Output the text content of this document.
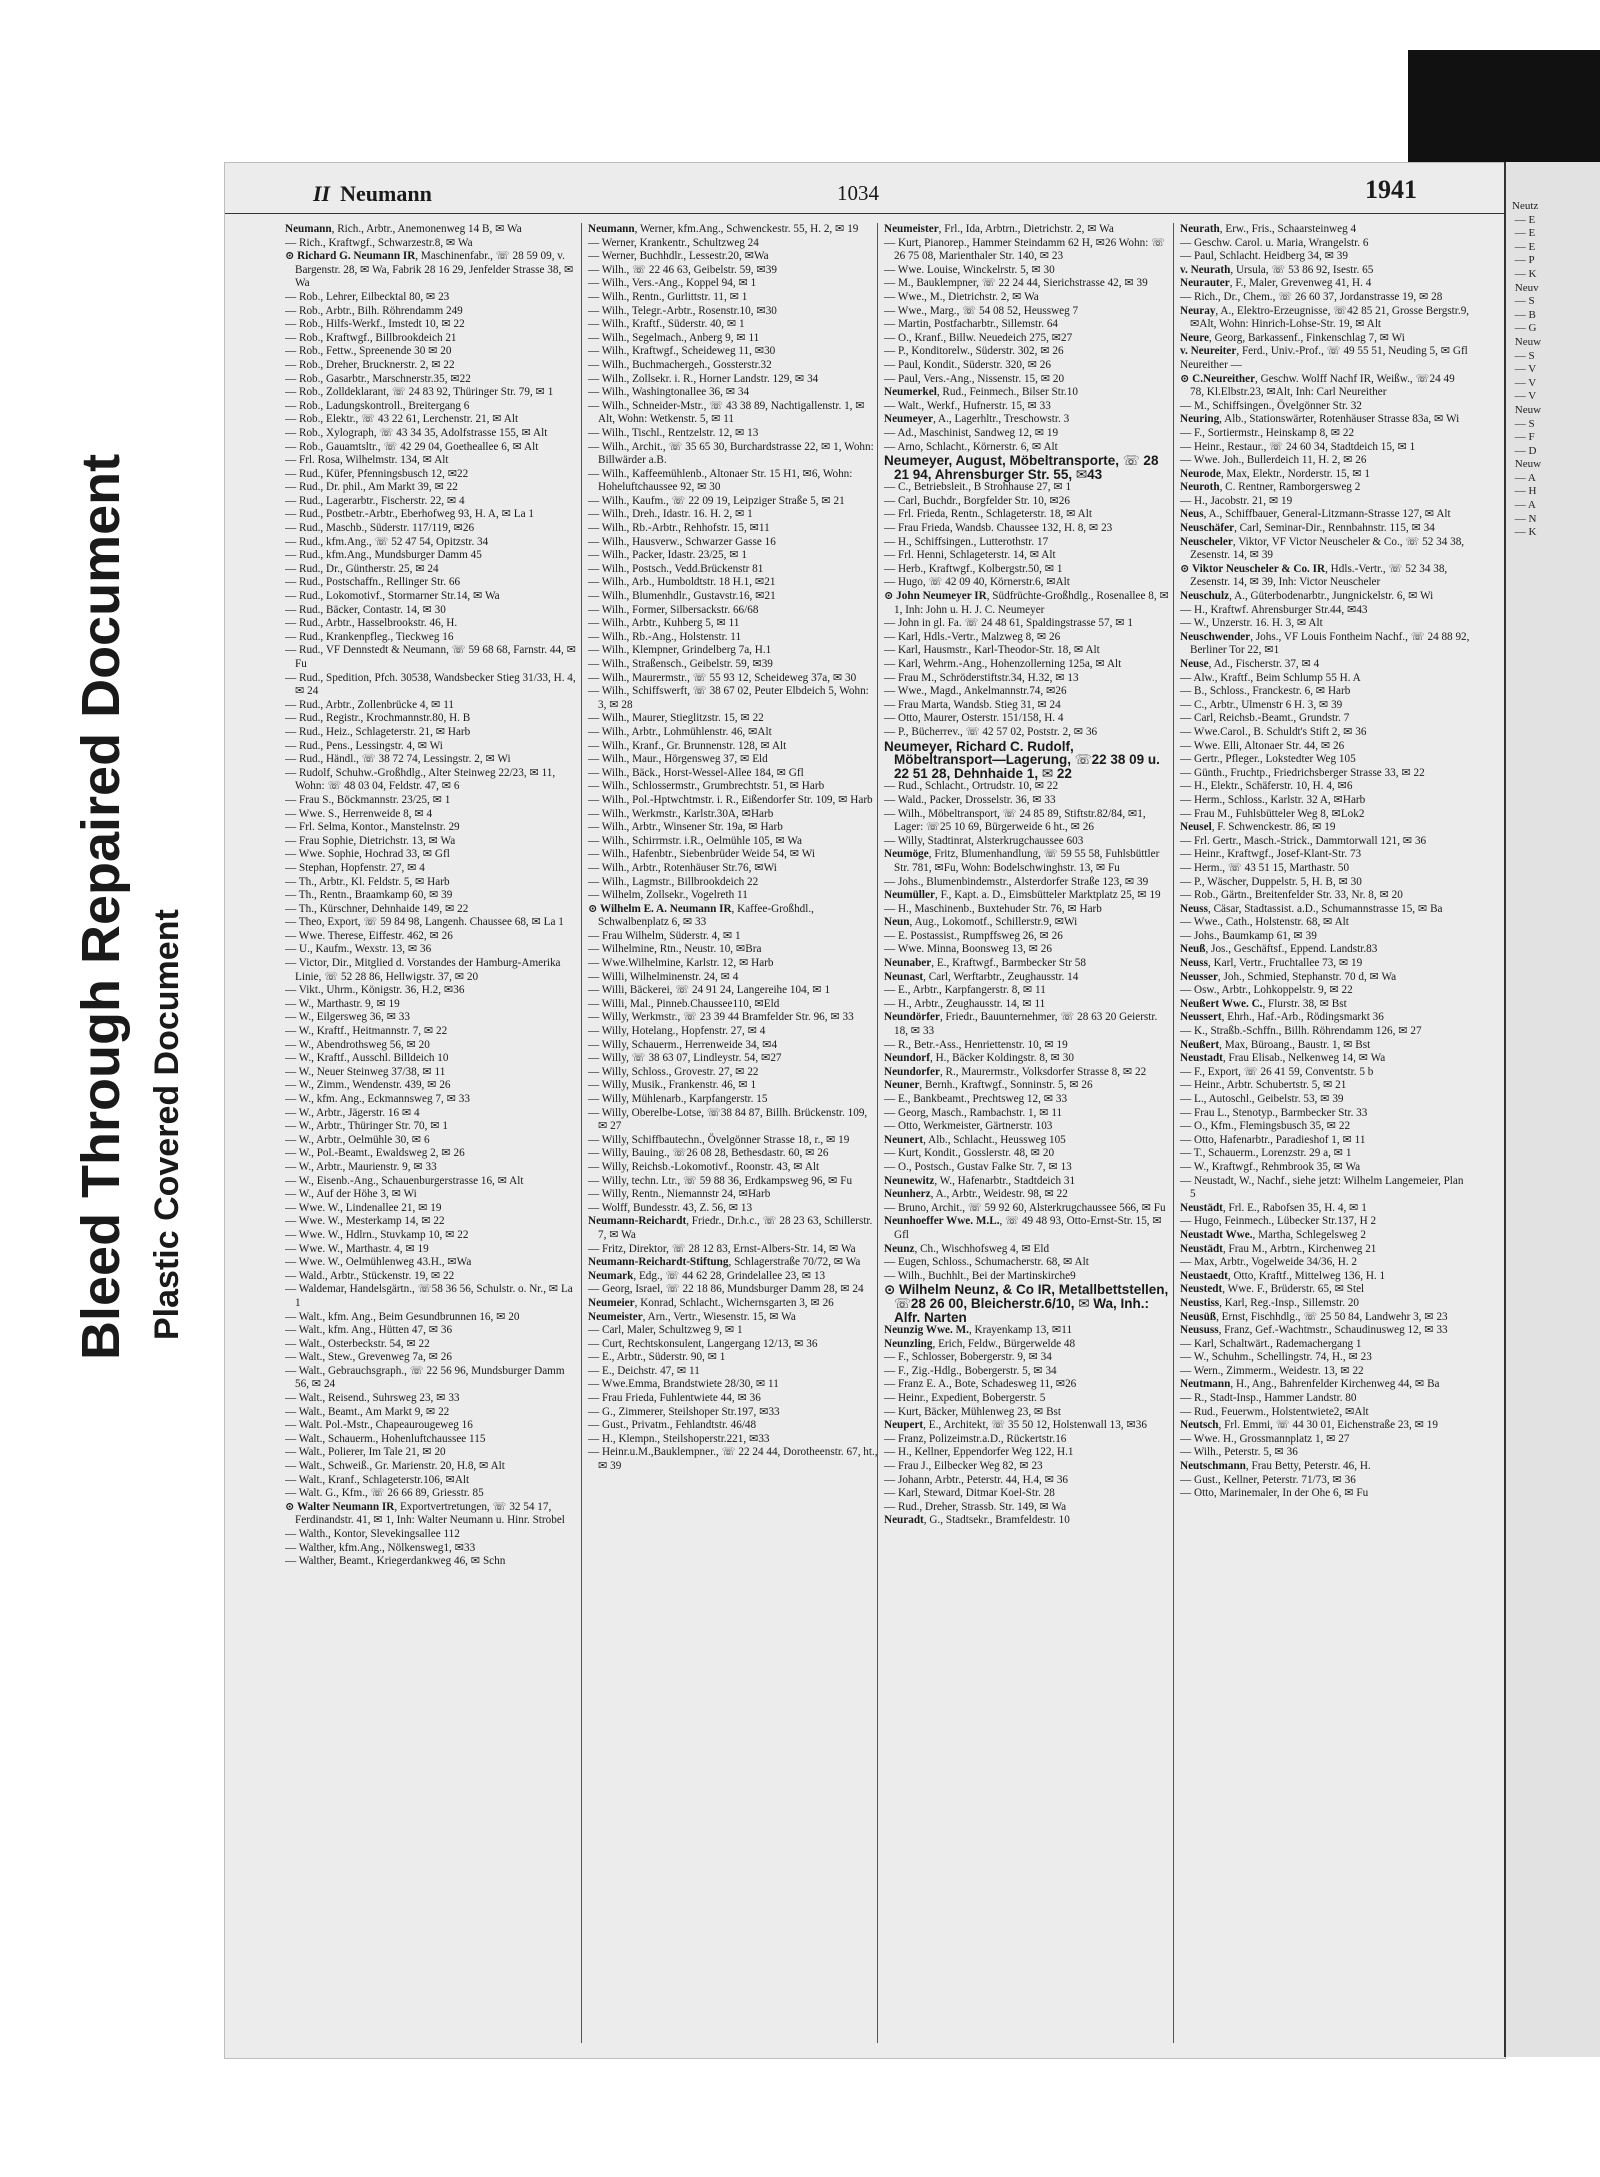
Bleed Through Repaired Document Plastic Covered Document
II Neumann	1034	1941

Neumann, Rich., Arbtr., Anemonenweg 14 B, ✉ Wa

— Rich., Kraftwgf., Schwarzestr.8, ✉ Wa

⊙ Richard G. Neumann IR, Maschinenfabr., ☏ 28 59 09, v. Bargenstr. 28, ✉ Wa, Fabrik 28 16 29, Jenfelder Strasse 38, ✉ Wa

— Rob., Lehrer, Eilbecktal 80, ✉ 23

— Rob., Arbtr., Bilh. Röhrendamm 249

— Rob., Hilfs-Werkf., Imstedt 10, ✉ 22

— Rob., Kraftwgf., Billbrookdeich 21

— Rob., Fettw., Spreenende 30 ✉ 20

— Rob., Dreher, Brucknerstr. 2, ✉ 22

— Rob., Gasarbtr., Marschnerstr.35, ✉22

— Rob., Zolldeklarant, ☏ 24 83 92, Thüringer Str. 79, ✉ 1

— Rob., Ladungskontroll., Breitergang 6

— Rob., Elektr., ☏ 43 22 61, Lerchenstr. 21, ✉ Alt

— Rob., Xylograph, ☏ 43 34 35, Adolfstrasse 155, ✉ Alt

— Rob., Gauamtsltr., ☏ 42 29 04, Goetheallee 6, ✉ Alt

— Frl. Rosa, Wilhelmstr. 134, ✉ Alt

— Rud., Küfer, Pfenningsbusch 12, ✉22

— Rud., Dr. phil., Am Markt 39, ✉ 22

— Rud., Lagerarbtr., Fischerstr. 22, ✉ 4

— Rud., Postbetr.-Arbtr., Eberhofweg 93, H. A, ✉ La 1

— Rud., Maschb., Süderstr. 117/119, ✉26

— Rud., kfm.Ang., ☏ 52 47 54, Opitzstr. 34

— Rud., kfm.Ang., Mundsburger Damm 45

— Rud., Dr., Güntherstr. 25, ✉ 24

— Rud., Postschaffn., Rellinger Str. 66

— Rud., Lokomotivf., Stormarner Str.14, ✉ Wa

— Rud., Bäcker, Contastr. 14, ✉ 30

— Rud., Arbtr., Hasselbrookstr. 46, H.

— Rud., Krankenpfleg., Tieckweg 16

— Rud., VF Dennstedt & Neumann, ☏ 59 68 68, Farnstr. 44, ✉ Fu

— Rud., Spedition, Pfch. 30538, Wandsbecker Stieg 31/33, H. 4, ✉ 24

— Rud., Arbtr., Zollenbrücke 4, ✉ 11

— Rud., Registr., Krochmannstr.80, H. B

— Rud., Heiz., Schlageterstr. 21, ✉ Harb

— Rud., Pens., Lessingstr. 4, ✉ Wi

— Rud., Händl., ☏ 38 72 74, Lessingstr. 2, ✉ Wi

— Rudolf, Schuhw.-Großhdlg., Alter Steinweg 22/23, ✉ 11, Wohn: ☏ 48 03 04, Feldstr. 47, ✉ 6

— Frau S., Böckmannstr. 23/25, ✉ 1

— Wwe. S., Herrenweide 8, ✉ 4

— Frl. Selma, Kontor., Manstelnstr. 29

— Frau Sophie, Dietrichstr. 13, ✉ Wa

— Wwe. Sophie, Hochrad 33, ✉ Gfl

— Stephan, Hopfenstr. 27, ✉ 4

— Th., Arbtr., Kl. Feldstr. 5, ✉ Harb

— Th., Rentn., Braamkamp 60, ✉ 39

— Th., Kürschner, Dehnhaide 149, ✉ 22

— Theo, Export, ☏ 59 84 98, Langenh. Chaussee 68, ✉ La 1

— Wwe. Therese, Eiffestr. 462, ✉ 26

— U., Kaufm., Wexstr. 13, ✉ 36

— Victor, Dir., Mitglied d. Vorstandes der Hamburg-Amerika Linie, ☏ 52 28 86, Hellwigstr. 37, ✉ 20

— Vikt., Uhrm., Königstr. 36, H.2, ✉36

— W., Marthastr. 9, ✉ 19

— W., Eilgersweg 36, ✉ 33

— W., Kraftf., Heitmannstr. 7, ✉ 22

— W., Abendrothsweg 56, ✉ 20

— W., Kraftf., Ausschl. Billdeich 10

— W., Neuer Steinweg 37/38, ✉ 11

— W., Zimm., Wendenstr. 439, ✉ 26

— W., kfm. Ang., Eckmannsweg 7, ✉ 33

— W., Arbtr., Jägerstr. 16 ✉ 4

— W., Arbtr., Thüringer Str. 70, ✉ 1

— W., Arbtr., Oelmühle 30, ✉ 6

— W., Pol.-Beamt., Ewaldsweg 2, ✉ 26

— W., Arbtr., Maurienstr. 9, ✉ 33

— W., Eisenb.-Ang., Schauenburgerstrasse 16, ✉ Alt

— W., Auf der Höhe 3, ✉ Wi

— Wwe. W., Lindenallee 21, ✉ 19

— Wwe. W., Mesterkamp 14, ✉ 22

— Wwe. W., Hdlrn., Stuvkamp 10, ✉ 22

— Wwe. W., Marthastr. 4, ✉ 19

— Wwe. W., Oelmühlenweg 43.H., ✉Wa

— Wald., Arbtr., Stückenstr. 19, ✉ 22

— Waldemar, Handelsgärtn., ☏58 36 56, Schulstr. o. Nr., ✉ La 1

— Walt., kfm. Ang., Beim Gesundbrunnen 16, ✉ 20

— Walt., kfm. Ang., Hütten 47, ✉ 36

— Walt., Osterbeckstr. 54, ✉ 22

— Walt., Stew., Grevenweg 7a, ✉ 26

— Walt., Gebrauchsgraph., ☏ 22 56 96, Mundsburger Damm 56, ✉ 24

— Walt., Reisend., Suhrsweg 23, ✉ 33

— Walt., Beamt., Am Markt 9, ✉ 22

— Walt. Pol.-Mstr., Chapeaurougeweg 16

— Walt., Schauerm., Hohenluftchaussee 115

— Walt., Polierer, Im Tale 21, ✉ 20

— Walt., Schweiß., Gr. Marienstr. 20, H.8, ✉ Alt

— Walt., Kranf., Schlageterstr.106, ✉Alt

— Walt. G., Kfm., ☏ 26 66 89, Griesstr. 85

⊙ Walter Neumann IR, Exportvertretungen, ☏ 32 54 17, Ferdinandstr. 41, ✉ 1, Inh: Walter Neumann u. Hinr. Strobel

— Walth., Kontor, Slevekingsallee 112

— Walther, kfm.Ang., Nölkensweg1, ✉33

— Walther, Beamt., Kriegerdankweg 46, ✉ Schn

Neumann, Werner, kfm.Ang., Schwenckestr. 55, H. 2, ✉ 19

— Werner, Krankentr., Schultzweg 24

— Werner, Buchhdlr., Lessestr.20, ✉Wa

— Wilh., ☏ 22 46 63, Geibelstr. 59, ✉39

— Wilh., Vers.-Ang., Koppel 94, ✉ 1

— Wilh., Rentn., Gurlittstr. 11, ✉ 1

— Wilh., Telegr.-Arbtr., Rosenstr.10, ✉30

— Wilh., Kraftf., Süderstr. 40, ✉ 1

— Wilh., Segelmach., Anberg 9, ✉ 11

— Wilh., Kraftwgf., Scheideweg 11, ✉30

— Wilh., Buchmachergeh., Gossterstr.32

— Wilh., Zollsekr. i. R., Horner Landstr. 129, ✉ 34

— Wilh., Washingtonallee 36, ✉ 34

— Wilh., Schneider-Mstr., ☏ 43 38 89, Nachtigallenstr. 1, ✉ Alt, Wohn: Wetkenstr. 5, ✉ 11

— Wilh., Tischl., Rentzelstr. 12, ✉ 13

— Wilh., Archit., ☏ 35 65 30, Burchardstrasse 22, ✉ 1, Wohn: Billwärder a.B.

— Wilh., Kaffeemühlenb., Altonaer Str. 15 H1, ✉6, Wohn: Hoheluftchaussee 92, ✉ 30

— Wilh., Kaufm., ☏ 22 09 19, Leipziger Straße 5, ✉ 21

— Wilh., Dreh., Idastr. 16. H. 2, ✉ 1

— Wilh., Rb.-Arbtr., Rehhofstr. 15, ✉11

— Wilh., Hausverw., Schwarzer Gasse 16

— Wilh., Packer, Idastr. 23/25, ✉ 1

— Wilh., Postsch., Vedd.Brückenstr 81

— Wilh., Arb., Humboldtstr. 18 H.1, ✉21

— Wilh., Blumenhdlr., Gustavstr.16, ✉21

— Wilh., Former, Silbersackstr. 66/68

— Wilh., Arbtr., Kuhberg 5, ✉ 11

— Wilh., Rb.-Ang., Holstenstr. 11

— Wilh., Klempner, Grindelberg 7a, H.1

— Wilh., Straßensch., Geibelstr. 59, ✉39

— Wilh., Maurermstr., ☏ 55 93 12, Scheideweg 37a, ✉ 30

— Wilh., Schiffswerft, ☏ 38 67 02, Peuter Elbdeich 5, Wohn: 3, ✉ 28

— Wilh., Maurer, Stieglitzstr. 15, ✉ 22

— Wilh., Arbtr., Lohmühlenstr. 46, ✉Alt

— Wilh., Kranf., Gr. Brunnenstr. 128, ✉ Alt

— Wilh., Maur., Hörgensweg 37, ✉ Eld

— Wilh., Bäck., Horst-Wessel-Allee 184, ✉ Gfl

— Wilh., Schlossermstr., Grumbrechtstr. 51, ✉ Harb

— Wilh., Pol.-Hptwchtmstr. i. R., Eißendorfer Str. 109, ✉ Harb

— Wilh., Werkmstr., Karlstr.30A, ✉Harb

— Wilh., Arbtr., Winsener Str. 19a, ✉ Harb

— Wilh., Schirrmstr. i.R., Oelmühle 105, ✉ Wa

— Wilh., Hafenbtr., Siebenbrüder Weide 54, ✉ Wi

— Wilh., Arbtr., Rotenhäuser Str.76, ✉Wi

— Wilh., Lagmstr., Billbrookdeich 22

— Wilhelm, Zollsekr., Vogelreth 11

⊙ Wilhelm E. A. Neumann IR, Kaffee-Großhdl., Schwalbenplatz 6, ✉ 33

— Frau Wilhelm, Süderstr. 4, ✉ 1

— Wilhelmine, Rtn., Neustr. 10, ✉Bra

— Wwe.Wilhelmine, Karlstr. 12, ✉ Harb

— Willi, Wilhelminenstr. 24, ✉ 4

— Willi, Bäckerei, ☏ 24 91 24, Langereihe 104, ✉ 1

— Willi, Mal., Pinneb.Chaussee110, ✉Eld

— Willy, Werkmstr., ☏ 23 39 44 Bramfelder Str. 96, ✉ 33

— Willy, Hotelang., Hopfenstr. 27, ✉ 4

— Willy, Schauerm., Herrenweide 34, ✉4

— Willy, ☏ 38 63 07, Lindleystr. 54, ✉27

— Willy, Schloss., Grovestr. 27, ✉ 22

— Willy, Musik., Frankenstr. 46, ✉ 1

— Willy, Mühlenarb., Karpfangerstr. 15

— Willy, Oberelbe-Lotse, ☏38 84 87, Billh. Brückenstr. 109, ✉ 27

— Willy, Schiffbautechn., Övelgönner Strasse 18, r., ✉ 19

— Willy, Bauing., ☏26 08 28, Bethesdastr. 60, ✉ 26

— Willy, Reichsb.-Lokomotivf., Roonstr. 43, ✉ Alt

— Willy, techn. Ltr., ☏ 59 88 36, Erdkampsweg 96, ✉ Fu

— Willy, Rentn., Niemannstr 24, ✉Harb

— Wolff, Bundesstr. 43, Z. 56, ✉ 13

Neumann-Reichardt, Friedr., Dr.h.c., ☏ 28 23 63, Schillerstr. 7, ✉ Wa

— Fritz, Direktor, ☏ 28 12 83, Ernst-Albers-Str. 14, ✉ Wa

Neumann-Reichardt-Stiftung, Schlagerstraße 70/72, ✉ Wa

Neumark, Edg., ☏ 44 62 28, Grindelallee 23, ✉ 13

— Georg, Israel, ☏ 22 18 86, Mundsburger Damm 28, ✉ 24

Neumeier, Konrad, Schlacht., Wichernsgarten 3, ✉ 26

Neumeister, Arn., Vertr., Wiesenstr. 15, ✉ Wa

— Carl, Maler, Schultzweg 9, ✉ 1

— Curt, Rechtskonsulent, Langergang 12/13, ✉ 36

— E., Arbtr., Süderstr. 90, ✉ 1

— E., Deichstr. 47, ✉ 11

— Wwe.Emma, Brandstwiete 28/30, ✉ 11

— Frau Frieda, Fuhlentwiete 44, ✉ 36

— G., Zimmerer, Steilshoper Str.197, ✉33

— Gust., Privatm., Fehlandtstr. 46/48

— H., Klempn., Steilshoperstr.221, ✉33

— Heinr.u.M.,Bauklempner., ☏ 22 24 44, Dorotheenstr. 67, ht., ✉ 39

Neumeister, Frl., Ida, Arbtrn., Dietrichstr. 2, ✉ Wa

— Kurt, Pianorep., Hammer Steindamm 62 H, ✉26 Wohn: ☏ 26 75 08, Marienthaler Str. 140, ✉ 23

— Wwe. Louise, Winckelrstr. 5, ✉ 30

— M., Bauklempner, ☏ 22 24 44, Sierichstrasse 42, ✉ 39

— Wwe., M., Dietrichstr. 2, ✉ Wa

— Wwe., Marg., ☏ 54 08 52, Heussweg 7

— Martin, Postfacharbtr., Sillemstr. 64

— O., Kranf., Billw. Neuedeich 275, ✉27

— P., Konditorelw., Süderstr. 302, ✉ 26

— Paul, Kondit., Süderstr. 320, ✉ 26

— Paul, Vers.-Ang., Nissenstr. 15, ✉ 20

Neumerkel, Rud., Feinmech., Bilser Str.10

— Walt., Werkf., Hufnerstr. 15, ✉ 33

Neumeyer, A., Lagerhltr., Treschowstr. 3

— Ad., Maschinist, Sandweg 12, ✉ 19

— Arno, Schlacht., Körnerstr. 6, ✉ Alt

Neumeyer, August, Möbeltransporte, ☏ 28 21 94, Ahrensburger Str. 55, ✉43

— C., Betriebsleit., B Strohhause 27, ✉ 1

— Carl, Buchdr., Borgfelder Str. 10, ✉26

— Frl. Frieda, Rentn., Schlageterstr. 18, ✉ Alt

— Frau Frieda, Wandsb. Chaussee 132, H. 8, ✉ 23

— H., Schiffsingen., Lutterothstr. 17

— Frl. Henni, Schlageterstr. 14, ✉ Alt

— Herb., Kraftwgf., Kolbergstr.50, ✉ 1

— Hugo, ☏ 42 09 40, Körnerstr.6, ✉Alt

⊙ John Neumeyer IR, Südfrüchte-Großhdlg., Rosenallee 8, ✉ 1, Inh: John u. H. J. C. Neumeyer

— John in gl. Fa. ☏ 24 48 61, Spaldingstrasse 57, ✉ 1

— Karl, Hdls.-Vertr., Malzweg 8, ✉ 26

— Karl, Hausmstr., Karl-Theodor-Str. 18, ✉ Alt

— Karl, Wehrm.-Ang., Hohenzollerning 125a, ✉ Alt

— Frau M., Schröderstiftstr.34, H.32, ✉ 13

— Wwe., Magd., Ankelmannstr.74, ✉26

— Frau Marta, Wandsb. Stieg 31, ✉ 24

— Otto, Maurer, Osterstr. 151/158, H. 4

— P., Bücherrev., ☏ 42 57 02, Poststr. 2, ✉ 36

Neumeyer, Richard C. Rudolf, Möbeltransport—Lagerung, ☏22 38 09 u. 22 51 28, Dehnhaide 1, ✉ 22

— Rud., Schlacht., Ortrudstr. 10, ✉ 22

— Wald., Packer, Drosselstr. 36, ✉ 33

— Wilh., Möbeltransport, ☏ 24 85 89, Stiftstr.82/84, ✉1, Lager: ☏25 10 69, Bürgerweide 6 ht., ✉ 26

— Willy, Stadtinrat, Alsterkrugchaussee 603

Neumöge, Fritz, Blumenhandlung, ☏ 59 55 58, Fuhlsbüttler Str. 781, ✉Fu, Wohn: Bodelschwinghstr. 13, ✉ Fu

— Johs., Blumenbindemstr., Alsterdorfer Straße 123, ✉ 39

Neumüller, F., Kapt. a. D., Eimsbütteler Marktplatz 25, ✉ 19

— H., Maschinenb., Buxtehuder Str. 76, ✉ Harb

Neun, Aug., Lokomotf., Schillerstr.9, ✉Wi

— E. Postassist., Rumpffsweg 26, ✉ 26

— Wwe. Minna, Boonsweg 13, ✉ 26

Neunaber, E., Kraftwgf., Barmbecker Str 58

Neunast, Carl, Werftarbtr., Zeughausstr. 14

— E., Arbtr., Karpfangerstr. 8, ✉ 11

— H., Arbtr., Zeughausstr. 14, ✉ 11

Neundörfer, Friedr., Bauunternehmer, ☏ 28 63 20 Geierstr. 18, ✉ 33

— R., Betr.-Ass., Henriettenstr. 10, ✉ 19

Neundorf, H., Bäcker Koldingstr. 8, ✉ 30

Neundorfer, R., Maurermstr., Volksdorfer Strasse 8, ✉ 22

Neuner, Bernh., Kraftwgf., Sonninstr. 5, ✉ 26

— E., Bankbeamt., Prechtsweg 12, ✉ 33

— Georg, Masch., Rambachstr. 1, ✉ 11

— Otto, Werkmeister, Gärtnerstr. 103

Neunert, Alb., Schlacht., Heussweg 105

— Kurt, Kondit., Gosslerstr. 48, ✉ 20

— O., Postsch., Gustav Falke Str. 7, ✉ 13

Neunewitz, W., Hafenarbtr., Stadtdeich 31

Neunherz, A., Arbtr., Weidestr. 98, ✉ 22

— Bruno, Archit., ☏ 59 92 60, Alsterkrugchaussee 566, ✉ Fu

Neunhoeffer Wwe. M.L., ☏ 49 48 93, Otto-Ernst-Str. 15, ✉ Gfl

Neunz, Ch., Wischhofsweg 4, ✉ Eld

— Eugen, Schloss., Schumacherstr. 68, ✉ Alt

— Wilh., Buchhlt., Bei der Martinskirche9

⊙ Wilhelm Neunz, & Co IR, Metallbettstellen, ☏28 26 00, Bleicherstr.6/10, ✉ Wa, Inh.: Alfr. Narten

Neunzig Wwe. M., Krayenkamp 13, ✉11

Neunzling, Erich, Feldw., Bürgerwelde 48

— F., Schlosser, Bobergerstr. 9, ✉ 34

— F., Zig.-Hdlg., Bobergerstr. 5, ✉ 34

— Franz E. A., Bote, Schadesweg 11, ✉26

— Heinr., Expedient, Bobergerstr. 5

— Kurt, Bäcker, Mühlenweg 23, ✉ Bst

Neupert, E., Architekt, ☏ 35 50 12, Holstenwall 13, ✉36

— Franz, Polizeimstr.a.D., Rückertstr.16

— H., Kellner, Eppendorfer Weg 122, H.1

— Frau J., Eilbecker Weg 82, ✉ 23

— Johann, Arbtr., Peterstr. 44, H.4, ✉ 36

— Karl, Steward, Ditmar Koel-Str. 28

— Rud., Dreher, Strassb. Str. 149, ✉ Wa

Neuradt, G., Stadtsekr., Bramfeldestr. 10

Neurath, Erw., Fris., Schaarsteinweg 4

— Geschw. Carol. u. Maria, Wrangelstr. 6

— Paul, Schlacht. Heidberg 34, ✉ 39

v. Neurath, Ursula, ☏ 53 86 92, Isestr. 65

Neurauter, F., Maler, Grevenweg 41, H. 4

— Rich., Dr., Chem., ☏ 26 60 37, Jordanstrasse 19, ✉ 28

Neuray, A., Elektro-Erzeugnisse, ☏42 85 21, Grosse Bergstr.9, ✉Alt, Wohn: Hinrich-Lohse-Str. 19, ✉ Alt

Neure, Georg, Barkassenf., Finkenschlag 7, ✉ Wi

v. Neureiter, Ferd., Univ.-Prof., ☏ 49 55 51, Neuding 5, ✉ Gfl

Neureither —

⊙ C.Neureither, Geschw. Wolff Nachf IR, Weißw., ☏24 49 78, Kl.Elbstr.23, ✉Alt, Inh: Carl Neureither

— M., Schiffsingen., Övelgönner Str. 32

Neuring, Alb., Stationswärter, Rotenhäuser Strasse 83a, ✉ Wi

— F., Sortiermstr., Heinskamp 8, ✉ 22

— Heinr., Restaur., ☏ 24 60 34, Stadtdeich 15, ✉ 1

— Wwe. Joh., Bullerdeich 11, H. 2, ✉ 26

Neurode, Max, Elektr., Norderstr. 15, ✉ 1

Neuroth, C. Rentner, Ramborgersweg 2

— H., Jacobstr. 21, ✉ 19

Neus, A., Schiffbauer, General-Litzmann-Strasse 127, ✉ Alt

Neuschäfer, Carl, Seminar-Dir., Rennbahnstr. 115, ✉ 34

Neuscheler, Viktor, VF Victor Neuscheler & Co., ☏ 52 34 38, Zesenstr. 14, ✉ 39

⊙ Viktor Neuscheler & Co. IR, Hdls.-Vertr., ☏ 52 34 38, Zesenstr. 14, ✉ 39, Inh: Victor Neuscheler

Neuschulz, A., Güterbodenarbtr., Jungnickelstr. 6, ✉ Wi

— H., Kraftwf. Ahrensburger Str.44, ✉43

— W., Unzerstr. 16. H. 3, ✉ Alt

Neuschwender, Johs., VF Louis Fontheim Nachf., ☏ 24 88 92, Berliner Tor 22, ✉1

Neuse, Ad., Fischerstr. 37, ✉ 4

— Alw., Kraftf., Beim Schlump 55 H. A

— B., Schloss., Franckestr. 6, ✉ Harb

— C., Arbtr., Ulmenstr 6 H. 3, ✉ 39

— Carl, Reichsb.-Beamt., Grundstr. 7

— Wwe.Carol., B. Schuldt's Stift 2, ✉ 36

— Wwe. Elli, Altonaer Str. 44, ✉ 26

— Gertr., Pfleger., Lokstedter Weg 105

— Günth., Fruchtp., Friedrichsberger Strasse 33, ✉ 22

— H., Elektr., Schäferstr. 10, H. 4, ✉6

— Herm., Schloss., Karlstr. 32 A, ✉Harb

— Frau M., Fuhlsbütteler Weg 8, ✉Lok2

Neusel, F. Schwenckestr. 86, ✉ 19

— Frl. Gertr., Masch.-Strick., Dammtorwall 121, ✉ 36

— Heinr., Kraftwgf., Josef-Klant-Str. 73

— Herm., ☏ 43 51 15, Marthastr. 50

— P., Wäscher, Duppelstr. 5, H. B, ✉ 30

— Rob., Gärtn., Breitenfelder Str. 33, Nr. 8, ✉ 20

Neuss, Cäsar, Stadtassist. a.D., Schumannstrasse 15, ✉ Ba

— Wwe., Cath., Holstenstr. 68, ✉ Alt

— Johs., Baumkamp 61, ✉ 39

Neuß, Jos., Geschäftsf., Eppend. Landstr.83

Neuss, Karl, Vertr., Fruchtallee 73, ✉ 19

Neusser, Joh., Schmied, Stephanstr. 70 d, ✉ Wa

— Osw., Arbtr., Lohkoppelstr. 9, ✉ 22

Neußert Wwe. C., Flurstr. 38, ✉ Bst

Neussert, Ehrh., Haf.-Arb., Rödingsmarkt 36

— K., Straßb.-Schffn., Billh. Röhrendamm 126, ✉ 27

Neußert, Max, Büroang., Baustr. 1, ✉ Bst

Neustadt, Frau Elisab., Nelkenweg 14, ✉ Wa

— F., Export, ☏ 26 41 59, Conventstr. 5 b

— Heinr., Arbtr. Schubertstr. 5, ✉ 21

— L., Autoschl., Geibelstr. 53, ✉ 39

— Frau L., Stenotyp., Barmbecker Str. 33

— O., Kfm., Flemingsbusch 35, ✉ 22

— Otto, Hafenarbtr., Paradieshof 1, ✉ 11

— T., Schauerm., Lorenzstr. 29 a, ✉ 1

— W., Kraftwgf., Rehmbrook 35, ✉ Wa

— Neustadt, W., Nachf., siehe jetzt: Wilhelm Langemeier, Plan 5

Neustädt, Frl. E., Rabofsen 35, H. 4, ✉ 1

— Hugo, Feinmech., Lübecker Str.137, H 2

Neustadt Wwe., Martha, Schlegelsweg 2

Neustädt, Frau M., Arbtrn., Kirchenweg 21

— Max, Arbtr., Vogelweide 34/36, H. 2

Neustaedt, Otto, Kraftf., Mittelweg 136, H. 1

Neustedt, Wwe. F., Brüderstr. 65, ✉ Stel

Neustiss, Karl, Reg.-Insp., Sillemstr. 20

Neusüß, Ernst, Fischhdlg., ☏ 25 50 84, Landwehr 3, ✉ 23

Neususs, Franz, Gef.-Wachtmstr., Schaudinusweg 12, ✉ 33

— Karl, Schaltwärt., Rademachergang 1

— W., Schuhm., Schellingstr. 74, H., ✉ 23

— Wern., Zimmerm., Weidestr. 13, ✉ 22

Neutmann, H., Ang., Bahrenfelder Kirchenweg 44, ✉ Ba

— R., Stadt-Insp., Hammer Landstr. 80

— Rud., Feuerwm., Holstentwiete2, ✉Alt

Neutsch, Frl. Emmi, ☏ 44 30 01, Eichenstraße 23, ✉ 19

— Wwe. H., Grossmannplatz 1, ✉ 27

— Wilh., Peterstr. 5, ✉ 36

Neutschmann, Frau Betty, Peterstr. 46, H.

— Gust., Kellner, Peterstr. 71/73, ✉ 36

— Otto, Marinemaler, In der Ohe 6, ✉ Fu

Neutz
— E
— E
— E
— P
— K
Neuv
— S
— B
— G
Neuw
— S
— V
— V
— V
Neuw
— S
— F
— D
Neuw
— A
— H
— A
— N
— K
